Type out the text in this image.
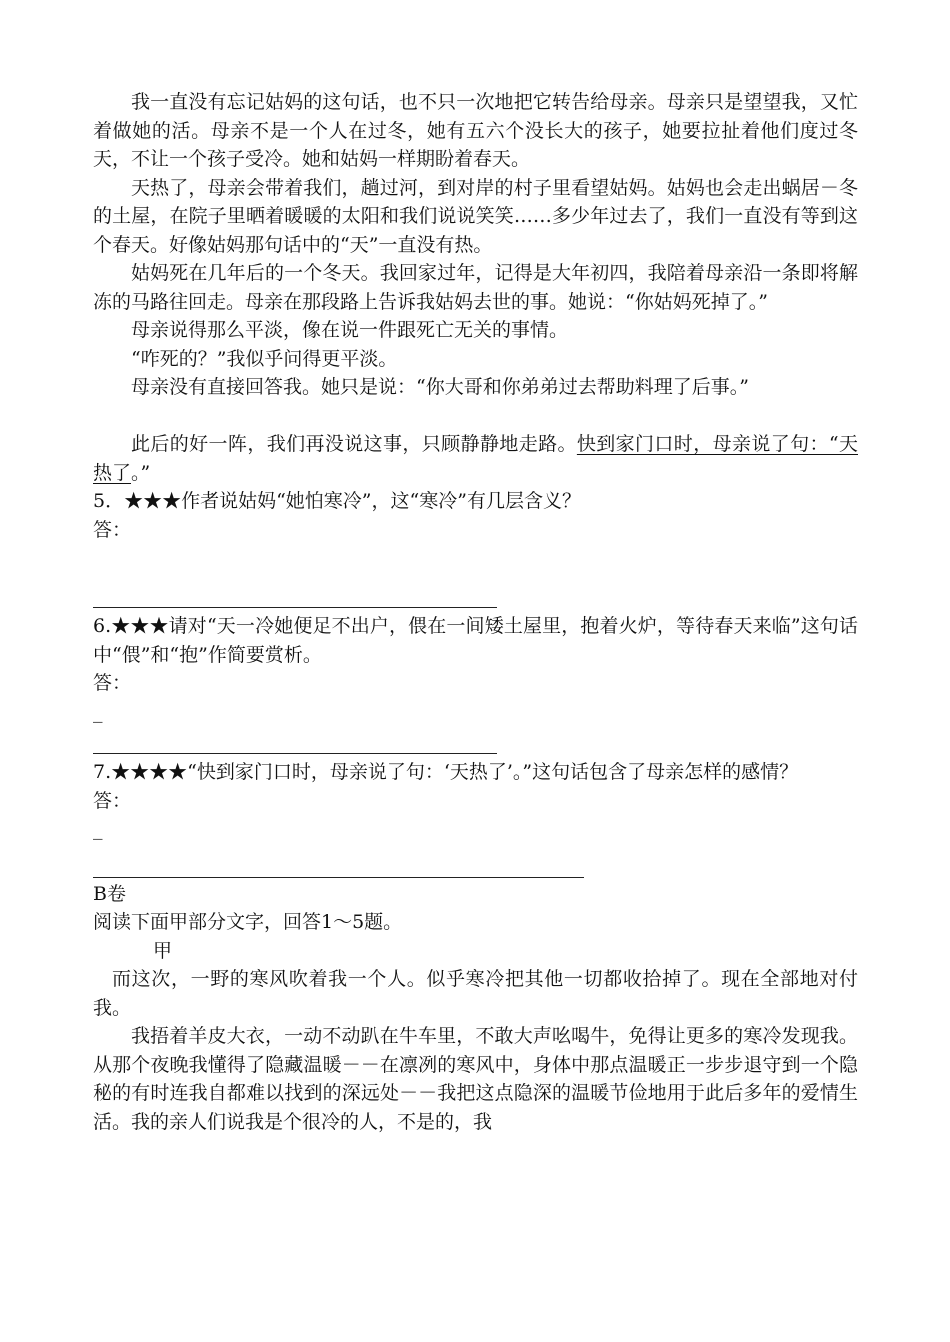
我一直没有忘记姑妈的这句话，也不只一次地把它转告给母亲。母亲只是望望我，又忙着做她的活。母亲不是一个人在过冬，她有五六个没长大的孩子，她要拉扯着他们度过冬天，不让一个孩子受冷。她和姑妈一样期盼着春天。

天热了，母亲会带着我们，趟过河，到对岸的村子里看望姑妈。姑妈也会走出蜗居－冬的土屋，在院子里晒着暖暖的太阳和我们说说笑笑……多少年过去了，我们一直没有等到这个春天。好像姑妈那句话中的“天”一直没有热。

姑妈死在几年后的一个冬天。我回家过年，记得是大年初四，我陪着母亲沿一条即将解冻的马路往回走。母亲在那段路上告诉我姑妈去世的事。她说：“你姑妈死掉了。”

母亲说得那么平淡，像在说一件跟死亡无关的事情。

“咋死的？”我似乎问得更平淡。

母亲没有直接回答我。她只是说：“你大哥和你弟弟过去帮助料理了后事。”

此后的好一阵，我们再没说这事，只顾静静地走路。快到家门口时，母亲说了句：“天热了。”

5．★★★作者说姑妈“她怕寒冷”，这“寒冷”有几层含义？

答：

6.★★★请对“天一冷她便足不出户，偎在一间矮土屋里，抱着火炉，等待春天来临”这句话中“偎”和“抱”作简要赏析。

答：

_

7.★★★★“快到家门口时，母亲说了句：‘天热了’。”这句话包含了母亲怎样的感情？

答：

_

B卷

阅读下面甲部分文字，回答1～5题。

甲

而这次，一野的寒风吹着我一个人。似乎寒冷把其他一切都收拾掉了。现在全部地对付我。

我捂着羊皮大衣，一动不动趴在牛车里，不敢大声吆喝牛，免得让更多的寒冷发现我。从那个夜晚我懂得了隐藏温暖－－在凛冽的寒风中，身体中那点温暖正一步步退守到一个隐秘的有时连我自都难以找到的深远处－－我把这点隐深的温暖节俭地用于此后多年的爱情生活。我的亲人们说我是个很冷的人，不是的，我
